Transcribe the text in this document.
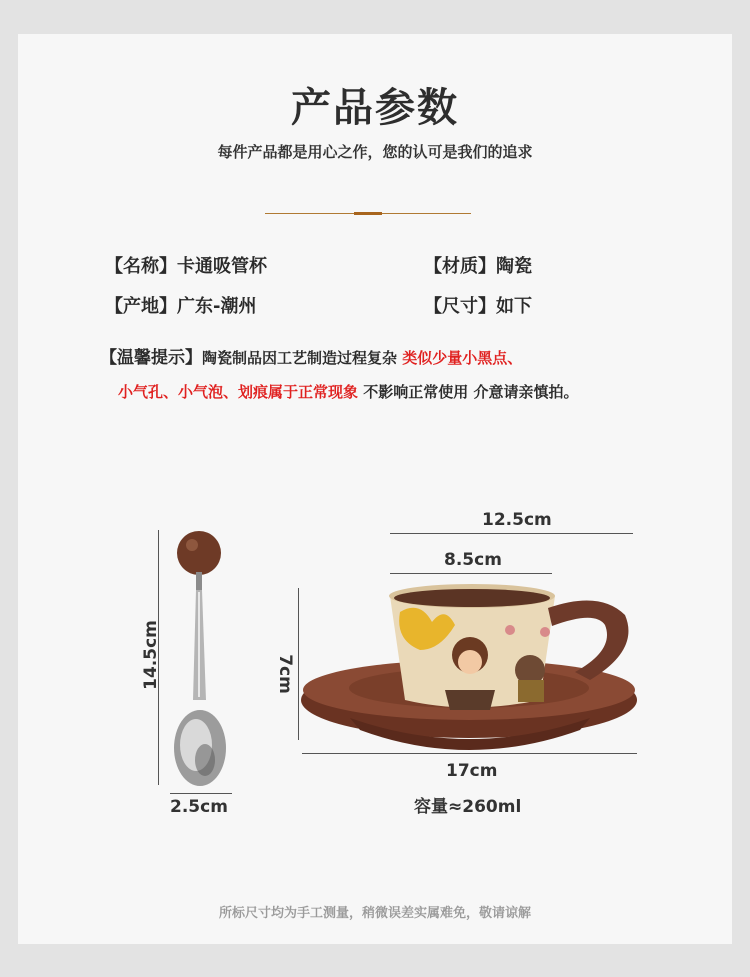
产品参数
每件产品都是用心之作，您的认可是我们的追求
【名称】卡通吸管杯	【材质】陶瓷
【产地】广东-潮州	【尺寸】如下
【温馨提示】陶瓷制品因工艺制造过程复杂 类似少量小黑点、
小气孔、小气泡、划痕属于正常现象 不影响正常使用 介意请亲慎拍。
14.5cm
2.5cm
12.5cm
8.5cm
7cm
17cm
容量≈260ml
所标尺寸均为手工测量，稍微误差实属难免，敬请谅解
